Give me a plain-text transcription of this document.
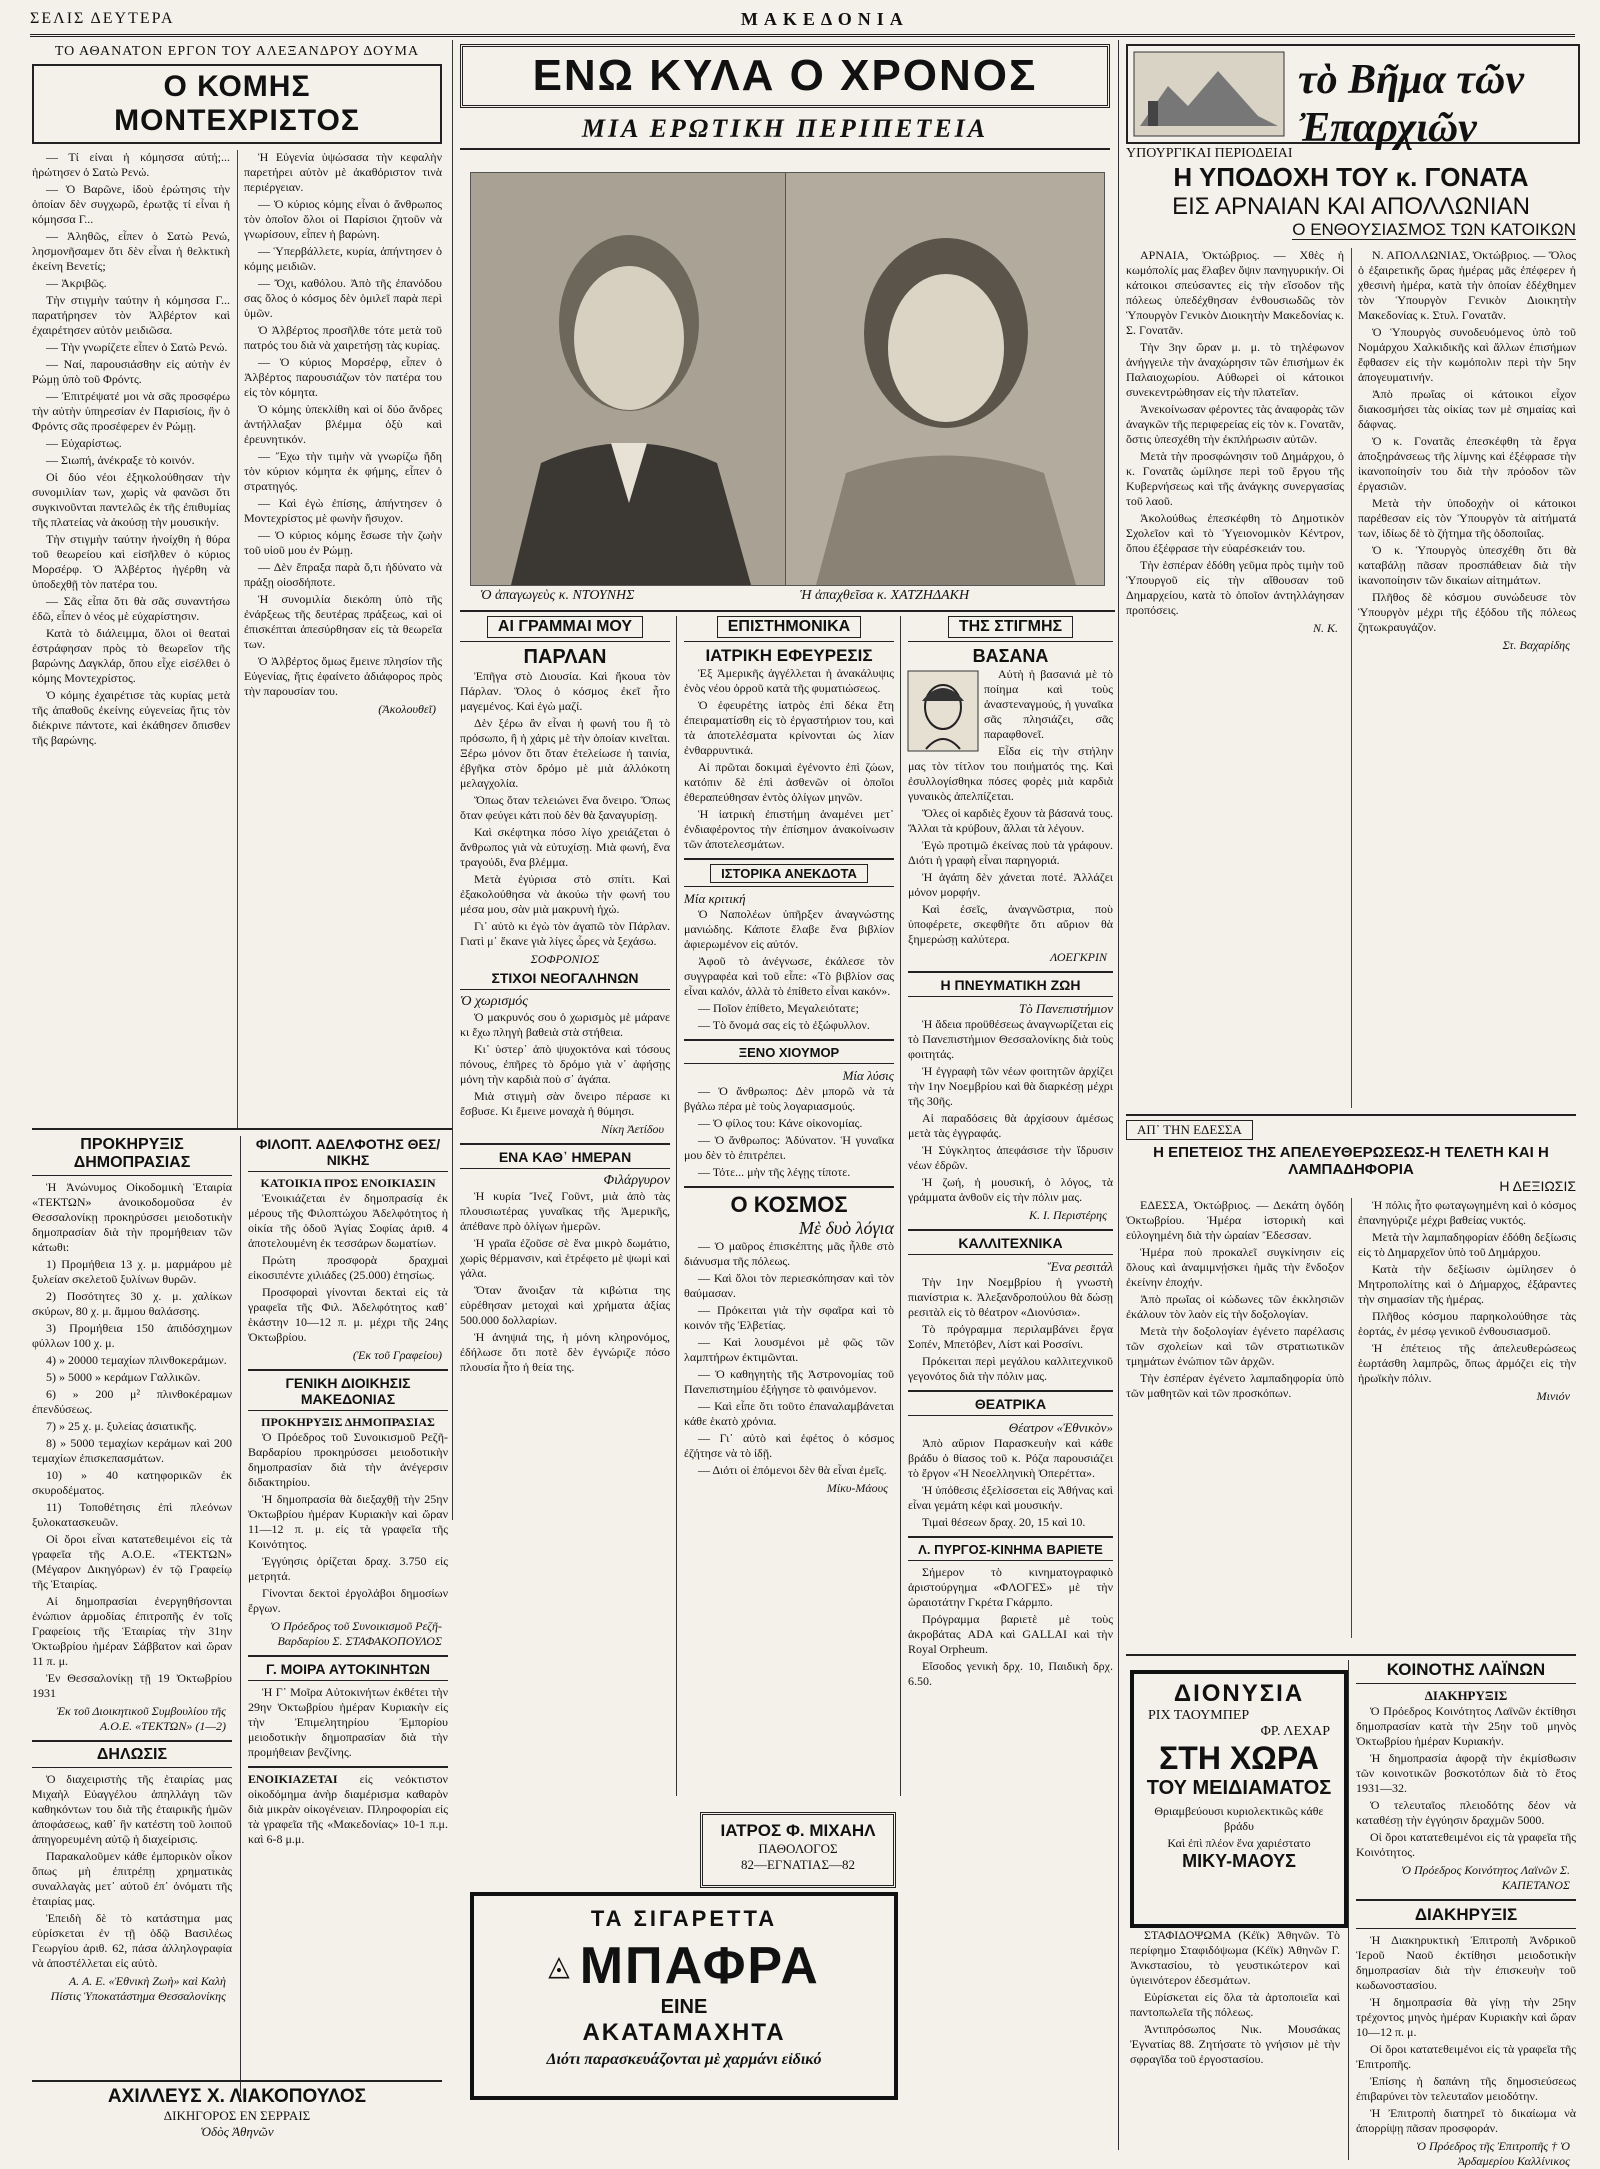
ΣΕΛΙΣ ΔΕΥΤΕΡΑ	ΜΑΚΕΔΟΝΙΑ
ΤΟ ΑΘΑΝΑΤΟΝ ΕΡΓΟΝ ΤΟΥ ΑΛΕΞΑΝΔΡΟΥ ΔΟΥΜΑ
Ο ΚΟΜΗΣ ΜΟΝΤΕΧΡΙΣΤΟΣ

— Τί είναι ἡ κόμησσα αὐτή;... ἠρώτησεν ὁ Σατὼ Ρενώ.

— Ὁ Βαρῶνε, ἰδοὺ ἐρώτησις τὴν ὁποίαν δὲν συγχωρῶ, ἐρωτᾷς τί εἶναι ἡ κόμησσα Γ...

— Ἀληθῶς, εἶπεν ὁ Σατὼ Ρενώ, λησμονῆσαμεν ὅτι δὲν εἶναι ἡ θελκτικὴ ἐκείνη Βενετίς;

— Ἀκριβῶς.

Τὴν στιγμὴν ταύτην ἡ κόμησσα Γ... παρατήρησεν τὸν Ἀλβέρτον καὶ ἐχαιρέτησεν αὐτὸν μειδιῶσα.

— Τὴν γνωρίζετε εἶπεν ὁ Σατὼ Ρενώ.

— Ναί, παρουσιάσθην εἰς αὐτὴν ἐν Ρώμῃ ὑπὸ τοῦ Φρόντς.

— Ἐπιτρέψατέ μοι νὰ σᾶς προσφέρω τὴν αὐτὴν ὑπηρεσίαν ἐν Παρισίοις, ἣν ὁ Φρόντς σᾶς προσέφερεν ἐν Ρώμῃ.

— Εὐχαρίστως.

— Σιωπή, ἀνέκραξε τὸ κοινόν.

Οἱ δύο νέοι ἐξηκολούθησαν τὴν συνομιλίαν των, χωρὶς νὰ φανῶσι ὅτι συγκινοῦνται παντελῶς ἐκ τῆς ἐπιθυμίας τῆς πλατείας νὰ ἀκούσῃ τὴν μουσικήν.

Τὴν στιγμὴν ταύτην ἠνοίχθη ἡ θύρα τοῦ θεωρείου καὶ εἰσῆλθεν ὁ κύριος Μορσέρφ. Ὁ Ἀλβέρτος ἠγέρθη νὰ ὑποδεχθῇ τὸν πατέρα του.

— Σᾶς εἶπα ὅτι θὰ σᾶς συναντήσω ἐδῶ, εἶπεν ὁ νέος μὲ εὐχαρίστησιν.

Κατὰ τὸ διάλειμμα, ὅλοι οἱ θεαταὶ ἐστράφησαν πρὸς τὸ θεωρεῖον τῆς βαρώνης Δαγκλάρ, ὅπου εἶχε εἰσέλθει ὁ κόμης Μοντεχρίστος.

Ὁ κόμης ἐχαιρέτισε τὰς κυρίας μετὰ τῆς ἀπαθοῦς ἐκείνης εὐγενείας ἥτις τὸν διέκρινε πάντοτε, καὶ ἐκάθησεν ὄπισθεν τῆς βαρώνης.

Ἡ Εὐγενία ὑψώσασα τὴν κεφαλὴν παρετήρει αὐτὸν μὲ ἀκαθόριστον τινὰ περιέργειαν.

— Ὁ κύριος κόμης εἶναι ὁ ἄνθρωπος τὸν ὁποῖον ὅλοι οἱ Παρίσιοι ζητοῦν νὰ γνωρίσουν, εἶπεν ἡ βαρώνη.

— Ὑπερβάλλετε, κυρία, ἀπήντησεν ὁ κόμης μειδιῶν.

— Ὄχι, καθόλου. Ἀπὸ τῆς ἐπανόδου σας ὅλος ὁ κόσμος δὲν ὁμιλεῖ παρὰ περὶ ὑμῶν.

Ὁ Ἀλβέρτος προσῆλθε τότε μετὰ τοῦ πατρός του διὰ νὰ χαιρετήσῃ τὰς κυρίας.

— Ὁ κύριος Μορσέρφ, εἶπεν ὁ Ἀλβέρτος παρουσιάζων τὸν πατέρα του εἰς τὸν κόμητα.

Ὁ κόμης ὑπεκλίθη καὶ οἱ δύο ἄνδρες ἀντήλλαξαν βλέμμα ὀξὺ καὶ ἐρευνητικόν.

— Ἔχω τὴν τιμὴν νὰ γνωρίζω ἤδη τὸν κύριον κόμητα ἐκ φήμης, εἶπεν ὁ στρατηγός.

— Καὶ ἐγὼ ἐπίσης, ἀπήντησεν ὁ Μοντεχρίστος μὲ φωνὴν ἥσυχον.

— Ὁ κύριος κόμης ἔσωσε τὴν ζωὴν τοῦ υἱοῦ μου ἐν Ρώμῃ.

— Δὲν ἔπραξα παρὰ ὅ,τι ἠδύνατο νὰ πράξῃ οἱοσδήποτε.

Ἡ συνομιλία διεκόπη ὑπὸ τῆς ἐνάρξεως τῆς δευτέρας πράξεως, καὶ οἱ ἐπισκέπται ἀπεσύρθησαν εἰς τὰ θεωρεῖα των.

Ὁ Ἀλβέρτος ὅμως ἔμεινε πλησίον τῆς Εὐγενίας, ἥτις ἐφαίνετο ἀδιάφορος πρὸς τὴν παρουσίαν του.

(Ἀκολουθεῖ)
ΠΡΟΚΗΡΥΞΙΣ ΔΗΜΟΠΡΑΣΙΑΣ

Ἡ Ἀνώνυμος Οἰκοδομικὴ Ἑταιρία «ΤΕΚΤΩΝ» ἀνοικοδομοῦσα ἐν Θεσσαλονίκῃ προκηρύσσει μειοδοτικὴν δημοπρασίαν διὰ τὴν προμήθειαν τῶν κάτωθι:

1) Προμήθεια 13 χ. μ. μαρμάρου μὲ ξυλείαν σκελετοῦ ξυλίνων θυρῶν.

2) Ποσότητες 30 χ. μ. χαλίκων σκύρων, 80 χ. μ. ἄμμου θαλάσσης.

3) Προμήθεια 150 ἀπιδόσχημων φύλλων 100 χ. μ.

4) » 20000 τεμαχίων πλινθοκεράμων.

5) » 5000 » κεράμων Γαλλικῶν.

6) » 200 μ² πλινθοκέραμων ἐπενδύσεως.

7) » 25 χ. μ. ξυλείας ἀσιατικῆς.

8) » 5000 τεμαχίων κεράμων καὶ 200 τεμαχίων ἐπισκεπασμάτων.

10) » 40 κατηφορικῶν ἐκ σκυροδέματος.

11) Τοποθέτησις ἐπὶ πλεόνων ξυλοκατασκευῶν.

Οἱ ὅροι εἶναι κατατεθειμένοι εἰς τὰ γραφεῖα τῆς Α.Ο.Ε. «ΤΕΚΤΩΝ» (Μέγαρον Δικηγόρων) ἐν τῷ Γραφείῳ τῆς Ἑταιρίας.

Αἱ δημοπρασίαι ἐνεργηθήσονται ἐνώπιον ἀρμοδίας ἐπιτροπῆς ἐν τοῖς Γραφείοις τῆς Ἑταιρίας τὴν 31ην Ὀκτωβρίου ἡμέραν Σάββατον καὶ ὥραν 11 π. μ.

Ἐν Θεσσαλονίκῃ τῇ 19 Ὀκτωβρίου 1931

Ἐκ τοῦ Διοικητικοῦ Συμβουλίου τῆς Α.Ο.Ε. «ΤΕΚΤΩΝ» (1—2)
ΔΗΛΩΣΙΣ

Ὁ διαχειριστὴς τῆς ἑταιρίας μας Μιχαὴλ Εὐαγγέλου ἀπηλλάγη τῶν καθηκόντων του διὰ τῆς ἐταιρικῆς ἡμῶν ἀποφάσεως, καθ᾽ ἣν κατέστη τοῦ λοιποῦ ἀπηγορευμένη αὐτῷ ἡ διαχείρισις.

Παρακαλοῦμεν κάθε ἐμπορικὸν οἶκον ὅπως μὴ ἐπιτρέπῃ χρηματικὰς συναλλαγὰς μετ᾽ αὐτοῦ ἐπ᾽ ὀνόματι τῆς ἑταιρίας μας.

Ἐπειδὴ δὲ τὸ κατάστημα μας εὑρίσκεται ἐν τῇ ὁδῷ Βασιλέως Γεωργίου ἀριθ. 62, πάσα ἀλληλογραφία νὰ ἀποστέλλεται εἰς αὐτὸ.

Α. Α. Ε. «Ἐθνικὴ Ζωὴ» καὶ Καλὴ Πίστις Ὑποκατάστημα Θεσσαλονίκης
ΑΧΙΛΛΕΥΣ Χ. ΛΙΑΚΟΠΟΥΛΟΣ
ΔΙΚΗΓΟΡΟΣ ΕΝ ΣΕΡΡΑΙΣ
Ὁδὸς Ἀθηνῶν
ΦΙΛΟΠΤ. ΑΔΕΛΦΟΤΗΣ ΘΕΣ/ΝΙΚΗΣ
ΚΑΤΟΙΚΙΑ ΠΡΟΣ ΕΝΟΙΚΙΑΣΙΝ

Ἐνοικιάζεται ἐν δημοπρασίᾳ ἐκ μέρους τῆς Φιλοπτώχου Ἀδελφότητος ἡ οἰκία τῆς ὁδοῦ Ἁγίας Σοφίας ἀριθ. 4 ἀποτελουμένη ἐκ τεσσάρων δωματίων.

Πρώτη προσφορὰ δραχμαὶ εἰκοσιπέντε χιλιάδες (25.000) ἐτησίως.

Προσφοραὶ γίνονται δεκταὶ εἰς τὰ γραφεῖα τῆς Φιλ. Ἀδελφότητος καθ᾽ ἑκάστην 10—12 π. μ. μέχρι τῆς 24ης Ὀκτωβρίου.

(Ἐκ τοῦ Γραφείου)
ΓΕΝΙΚΗ ΔΙΟΙΚΗΣΙΣ ΜΑΚΕΔΟΝΙΑΣ
ΠΡΟΚΗΡΥΞΙΣ ΔΗΜΟΠΡΑΣΙΑΣ

Ὁ Πρόεδρος τοῦ Συνοικισμοῦ Ρεζῆ-Βαρδαρίου προκηρύσσει μειοδοτικὴν δημοπρασίαν διὰ τὴν ἀνέγερσιν διδακτηρίου.

Ἡ δημοπρασία θὰ διεξαχθῇ τὴν 25ην Ὀκτωβρίου ἡμέραν Κυριακὴν καὶ ὥραν 11—12 π. μ. εἰς τὰ γραφεῖα τῆς Κοινότητος.

Ἐγγύησις ὁρίζεται δραχ. 3.750 εἰς μετρητά.

Γίνονται δεκτοὶ ἐργολάβοι δημοσίων ἔργων.

Ὁ Πρόεδρος τοῦ Συνοικισμοῦ Ρεζῆ-Βαρδαρίου Σ. ΣΤΑΦΑΚΟΠΟΥΛΟΣ
Γ. ΜΟΙΡΑ ΑΥΤΟΚΙΝΗΤΩΝ

Ἡ Γ᾽ Μοῖρα Αὐτοκινήτων ἐκθέτει τὴν 29ην Ὀκτωβρίου ἡμέραν Κυριακὴν εἰς τὴν Ἐπιμελητηρίου Ἐμπορίου μειοδοτικὴν δημοπρασίαν διὰ τὴν προμήθειαν βενζίνης.

ΕΝΟΙΚΙΑΖΕΤΑΙ εἰς νεόκτιστον οἰκοδόμημα ἀνὴρ διαμέρισμα καθαρὸν διὰ μικρὰν οἰκογένειαν. Πληροφορίαι εἰς τὰ γραφεῖα τῆς «Μακεδονίας» 10-1 π.μ. καὶ 6-8 μ.μ.
ΕΝΩ ΚΥΛΑ Ο ΧΡΟΝΟΣ
ΜΙΑ ΕΡΩΤΙΚΗ ΠΕΡΙΠΕΤΕΙΑ
Ὁ ἀπαγωγεὺς κ. ΝΤΟΥΝΗΣ	Ἡ ἀπαχθεῖσα κ. ΧΑΤΖΗΔΑΚΗ
ΑΙ ΓΡΑΜΜΑΙ ΜΟΥ
ΠΑΡΛΑΝ

Ἐπῆγα στὸ Διουσία. Καὶ ἤκουα τὸν Πάρλαν. Ὅλος ὁ κόσμος ἐκεῖ ἦτο μαγεμένος. Καὶ ἐγὼ μαζί.

Δὲν ξέρω ἂν εἶναι ἡ φωνή του ἢ τὸ πρόσωπο, ἢ ἡ χάρις μὲ τὴν ὁποίαν κινεῖται. Ξέρω μόνον ὅτι ὅταν ἐτελείωσε ἡ ταινία, ἐβγῆκα στὸν δρόμο μὲ μιὰ ἀλλόκοτη μελαγχολία.

Ὅπως ὅταν τελειώνει ἕνα ὄνειρο. Ὅπως ὅταν φεύγει κάτι ποὺ δὲν θὰ ξαναγυρίσῃ.

Καὶ σκέφτηκα πόσο λίγο χρειάζεται ὁ ἄνθρωπος γιὰ νὰ εὐτυχίσῃ. Μιὰ φωνή, ἕνα τραγούδι, ἕνα βλέμμα.

Μετὰ ἐγύρισα στὸ σπίτι. Καὶ ἐξακολούθησα νὰ ἀκούω τὴν φωνή του μέσα μου, σὰν μιὰ μακρυνὴ ἠχώ.

Γι᾽ αὐτὸ κι ἐγὼ τὸν ἀγαπῶ τὸν Πάρλαν. Γιατὶ μ᾽ ἔκανε γιὰ λίγες ὧρες νὰ ξεχάσω.

ΣΟΦΡΟΝΙΟΣ
ΣΤΙΧΟΙ ΝΕΟΓΑΛΗΝΩΝ
Ὁ χωρισμός

Ὁ μακρυνός σου ὁ χωρισμὸς μὲ μάρανε κι ἔχω πληγὴ βαθειὰ στὰ στήθεια.

Κι᾽ ὑστερ᾽ ἀπὸ ψυχοκτόνα καὶ τόσους πόνους, ἐπῆρες τὸ δρόμο γιὰ ν᾽ ἀφήσῃς μόνη τὴν καρδιὰ ποὺ σ᾽ ἀγάπα.

Μιὰ στιγμὴ σὰν ὄνειρο πέρασε κι ἔσβυσε. Κι ἔμεινε μοναχὰ ἡ θύμησι.

Νίκη Ἀετίδου
ΕΝΑ ΚΑΘ᾽ ΗΜΕΡΑΝ
Φιλάργυρον

Ἡ κυρία Ἴνεζ Γοῦντ, μιὰ ἀπὸ τὰς πλουσιωτέρας γυναῖκας τῆς Ἀμερικῆς, ἀπέθανε πρὸ ὀλίγων ἡμερῶν.

Ἡ γραῖα ἐζοῦσε σὲ ἕνα μικρὸ δωμάτιο, χωρὶς θέρμανσιν, καὶ ἐτρέφετο μὲ ψωμὶ καὶ γάλα.

Ὅταν ἄνοιξαν τὰ κιβώτια της εὑρέθησαν μετοχαὶ καὶ χρήματα ἀξίας 500.000 δολλαρίων.

Ἡ ἀνηψιά της, ἡ μόνη κληρονόμος, ἐδήλωσε ὅτι ποτὲ δὲν ἐγνώριζε πόσο πλουσία ἦτο ἡ θεία της.

ΕΠΙΣΤΗΜΟΝΙΚΑ
ΙΑΤΡΙΚΗ ΕΦΕΥΡΕΣΙΣ

Ἐξ Ἀμερικῆς ἀγγέλλεται ἡ ἀνακάλυψις ἑνὸς νέου ὀρροῦ κατὰ τῆς φυματιώσεως.

Ὁ ἐφευρέτης ἰατρὸς ἐπὶ δέκα ἔτη ἐπειραματίσθη εἰς τὸ ἐργαστήριον του, καὶ τὰ ἀποτελέσματα κρίνονται ὡς λίαν ἐνθαρρυντικά.

Αἱ πρῶται δοκιμαὶ ἐγένοντο ἐπὶ ζώων, κατόπιν δὲ ἐπὶ ἀσθενῶν οἱ ὁποῖοι ἐθεραπεύθησαν ἐντὸς ὀλίγων μηνῶν.

Ἡ ἰατρικὴ ἐπιστήμη ἀναμένει μετ᾽ ἐνδιαφέροντος τὴν ἐπίσημον ἀνακοίνωσιν τῶν ἀποτελεσμάτων.

ΙΣΤΟΡΙΚΑ ΑΝΕΚΔΟΤΑ
Μία κριτική

Ὁ Ναπολέων ὑπῆρξεν ἀναγνώστης μανιώδης. Κάποτε ἔλαβε ἕνα βιβλίον ἀφιερωμένον εἰς αὐτόν.

Ἀφοῦ τὸ ἀνέγνωσε, ἐκάλεσε τὸν συγγραφέα καὶ τοῦ εἶπε: «Τὸ βιβλίον σας εἶναι καλόν, ἀλλὰ τὸ ἐπίθετο εἶναι κακόν».

— Ποῖον ἐπίθετο, Μεγαλειότατε;

— Τὸ ὄνομά σας εἰς τὸ ἐξώφυλλον.

ΞΕΝΟ ΧΙΟΥΜΟΡ
Μία λύσις

— Ὁ ἄνθρωπος: Δὲν μπορῶ νὰ τὰ βγάλω πέρα μὲ τοὺς λογαριασμούς.

— Ὁ φίλος του: Κάνε οἰκονομίας.

— Ὁ ἄνθρωπος: Ἀδύνατον. Ἡ γυναῖκα μου δὲν τὸ ἐπιτρέπει.

— Τότε... μὴν τῆς λέγῃς τίποτε.

Ο ΚΟΣΜΟΣ
Μὲ δυὸ λόγια

— Ὁ μαῦρος ἐπισκέπτης μᾶς ἦλθε στὸ διάνυσμα τῆς πόλεως.

— Καὶ ὅλοι τὸν περιεσκόπησαν καὶ τὸν θαύμασαν.

— Πρόκειται γιὰ τὴν σφαῖρα καὶ τὸ κοινόν τῆς Ἑλβετίας.

— Καὶ λουσμένοι μὲ φῶς τῶν λαμπτήρων ἐκτιμῶνται.

— Ὁ καθηγητὴς τῆς Ἀστρονομίας τοῦ Πανεπιστημίου ἐξήγησε τὸ φαινόμενον.

— Καὶ εἶπε ὅτι τοῦτο ἐπαναλαμβάνεται κάθε ἑκατὸ χρόνια.

— Γι᾽ αὐτὸ καὶ ἐφέτος ὁ κόσμος ἐζήτησε νὰ τὸ ἰδῇ.

— Διότι οἱ ἑπόμενοι δὲν θὰ εἶναι ἐμεῖς.

Μίκυ-Μάους
ΤΗΣ ΣΤΙΓΜΗΣ
ΒΑΣΑΝΑ

Αὐτὴ ἡ βασανιά μὲ τὸ ποίημα καὶ τοὺς ἀναστεναγμούς, ἡ γυναῖκα σᾶς πλησιάζει, σᾶς παραφθονεῖ.

Εἶδα εἰς τὴν στήλην μας τὸν τίτλον του ποιήματός της. Καὶ ἐσυλλογίσθηκα πόσες φορὲς μιὰ καρδιὰ γυναικὸς ἀπελπίζεται.

Ὅλες οἱ καρδιὲς ἔχουν τὰ βάσανά τους. Ἄλλαι τὰ κρύβουν, ἄλλαι τὰ λέγουν.

Ἐγὼ προτιμῶ ἐκείνας ποὺ τὰ γράφουν. Διότι ἡ γραφὴ εἶναι παρηγοριά.

Ἡ ἀγάπη δὲν χάνεται ποτέ. Ἀλλάζει μόνον μορφήν.

Καὶ ἐσεῖς, ἀναγνῶστρια, ποὺ ὑποφέρετε, σκεφθῆτε ὅτι αὔριον θὰ ξημερώσῃ καλύτερα.

ΛΟΕΓΚΡΙΝ
Η ΠΝΕΥΜΑΤΙΚΗ ΖΩΗ
Τὸ Πανεπιστήμιον

Ἡ ἄδεια προϋθέσεως ἀναγνωρίζεται εἰς τὸ Πανεπιστήμιον Θεσσαλονίκης διὰ τοὺς φοιτητάς.

Ἡ ἐγγραφὴ τῶν νέων φοιτητῶν ἀρχίζει τὴν 1ην Νοεμβρίου καὶ θὰ διαρκέσῃ μέχρι τῆς 30ῆς.

Αἱ παραδόσεις θὰ ἀρχίσουν ἀμέσως μετὰ τὰς ἐγγραφάς.

Ἡ Σύγκλητος ἀπεφάσισε τὴν ἵδρυσιν νέων ἐδρῶν.

Ἡ ζωή, ἡ μουσική, ὁ λόγος, τὰ γράμματα ἀνθοῦν εἰς τὴν πόλιν μας.

Κ. Ι. Περιστέρης
ΚΑΛΛΙΤΕΧΝΙΚΑ
Ἕνα ρεσιτάλ

Τὴν 1ην Νοεμβρίου ἡ γνωστὴ πιανίστρια κ. Ἀλεξανδροπούλου θὰ δώσῃ ρεσιτὰλ εἰς τὸ θέατρον «Διονύσια».

Τὸ πρόγραμμα περιλαμβάνει ἔργα Σοπέν, Μπετόβεν, Λίστ καὶ Ροσσίνι.

Πρόκειται περὶ μεγάλου καλλιτεχνικοῦ γεγονότος διὰ τὴν πόλιν μας.

ΘΕΑΤΡΙΚΑ
Θέατρον «Ἐθνικὸν»

Ἀπὸ αὔριον Παρασκευὴν καὶ κάθε βράδυ ὁ θίασος τοῦ κ. Ρόζα παρουσιάζει τὸ ἔργον «Ἡ Νεοελληνικὴ Ὀπερέττα».

Ἡ ὑπόθεσις ἐξελίσσεται εἰς Ἀθήνας καὶ εἶναι γεμάτη κέφι καὶ μουσικήν.

Τιμαὶ θέσεων δραχ. 20, 15 καὶ 10.

Λ. ΠΥΡΓΟΣ-ΚΙΝΗΜΑ ΒΑΡΙΕΤΕ

Σήμερον τὸ κινηματογραφικὸ ἀριστούργημα «ΦΛΟΓΕΣ» μὲ τὴν ὡραιοτάτην Γκρέτα Γκάρμπο.

Πρόγραμμα βαριετὲ μὲ τοὺς ἀκροβάτας ADA καὶ GALLAI καὶ τὴν Royal Orpheum.

Εἴσοδος γενικὴ δρχ. 10, Παιδικὴ δρχ. 6.50.

ΙΑΤΡΟΣ Φ. ΜΙΧΑΗΛ
ΠΑΘΟΛΟΓΟΣ
82—ΕΓΝΑΤΙΑΣ—82
ΤΑ ΣΙΓΑΡΕΤΤΑ
◬ ΜΠΑΦΡΑ
ΕΙΝΕ
ΑΚΑΤΑΜΑΧΗΤΑ
Διότι παρασκευάζονται μὲ χαρμάνι εἰδικό
τὸ Βῆμα τῶν Ἐπαρχιῶν
ΥΠΟΥΡΓΙΚΑΙ ΠΕΡΙΟΔΕΙΑΙ
Η ΥΠΟΔΟΧΗ ΤΟΥ κ. ΓΟΝΑΤΑ
ΕΙΣ ΑΡΝΑΙΑΝ ΚΑΙ ΑΠΟΛΛΩΝΙΑΝ
Ο ΕΝΘΟΥΣΙΑΣΜΟΣ ΤΩΝ ΚΑΤΟΙΚΩΝ

ΑΡΝΑΙΑ, Ὀκτώβριος. — Χθὲς ἡ κωμόπολίς μας ἔλαβεν ὄψιν πανηγυρικήν. Οἱ κάτοικοι σπεύσαντες εἰς τὴν εἴσοδον τῆς πόλεως ὑπεδέχθησαν ἐνθουσιωδῶς τὸν Ὑπουργὸν Γενικὸν Διοικητὴν Μακεδονίας κ. Σ. Γονατᾶν.

Τὴν 3ην ὥραν μ. μ. τὸ τηλέφωνον ἀνήγγειλε τὴν ἀναχώρησιν τῶν ἐπισήμων ἐκ Παλαιοχωρίου. Αὐθωρεὶ οἱ κάτοικοι συνεκεντρώθησαν εἰς τὴν πλατεῖαν.

Ἀνεκοίνωσαν φέροντες τὰς ἀναφορὰς τῶν ἀναγκῶν τῆς περιφερείας εἰς τὸν κ. Γονατᾶν, ὅστις ὑπεσχέθη τὴν ἐκπλήρωσιν αὐτῶν.

Μετὰ τὴν προσφώνησιν τοῦ Δημάρχου, ὁ κ. Γονατᾶς ὡμίλησε περὶ τοῦ ἔργου τῆς Κυβερνήσεως καὶ τῆς ἀνάγκης συνεργασίας τοῦ λαοῦ.

Ἀκολούθως ἐπεσκέφθη τὸ Δημοτικὸν Σχολεῖον καὶ τὸ Ὑγειονομικὸν Κέντρον, ὅπου ἐξέφρασε τὴν εὐαρέσκειάν του.

Τὴν ἑσπέραν ἐδόθη γεῦμα πρὸς τιμὴν τοῦ Ὑπουργοῦ εἰς τὴν αἴθουσαν τοῦ Δημαρχείου, κατὰ τὸ ὁποῖον ἀντηλλάγησαν προπόσεις.

Ν. Κ.

Ν. ΑΠΟΛΛΩΝΙΑΣ, Ὀκτώβριος. — Ὅλος ὁ ἐξαιρετικῆς ὥρας ἡμέρας μᾶς ἐπέφερεν ἡ χθεσινὴ ἡμέρα, κατὰ τὴν ὁποίαν ἐδέχθημεν τὸν Ὑπουργὸν Γενικὸν Διοικητὴν Μακεδονίας κ. Στυλ. Γονατᾶν.

Ὁ Ὑπουργὸς συνοδευόμενος ὑπὸ τοῦ Νομάρχου Χαλκιδικῆς καὶ ἄλλων ἐπισήμων ἔφθασεν εἰς τὴν κωμόπολιν περὶ τὴν 5ην ἀπογευματινήν.

Ἀπὸ πρωΐας οἱ κάτοικοι εἶχον διακοσμήσει τὰς οἰκίας των μὲ σημαίας καὶ δάφνας.

Ὁ κ. Γονατᾶς ἐπεσκέφθη τὰ ἔργα ἀποξηράνσεως τῆς λίμνης καὶ ἐξέφρασε τὴν ἱκανοποίησίν του διὰ τὴν πρόοδον τῶν ἐργασιῶν.

Μετὰ τὴν ὑποδοχὴν οἱ κάτοικοι παρέθεσαν εἰς τὸν Ὑπουργὸν τὰ αἰτήματά των, ἰδίως δὲ τὸ ζήτημα τῆς ὁδοποιΐας.

Ὁ κ. Ὑπουργὸς ὑπεσχέθη ὅτι θὰ καταβάλῃ πᾶσαν προσπάθειαν διὰ τὴν ἱκανοποίησιν τῶν δικαίων αἰτημάτων.

Πλῆθος δὲ κόσμου συνώδευσε τὸν Ὑπουργὸν μέχρι τῆς ἐξόδου τῆς πόλεως ζητωκραυγάζον.

Στ. Βαχαρίδης
ΑΠ᾽ ΤΗΝ ΕΔΕΣΣΑ
Η ΕΠΕΤΕΙΟΣ ΤΗΣ ΑΠΕΛΕΥΘΕΡΩΣΕΩΣ-Η ΤΕΛΕΤΗ ΚΑΙ Η ΛΑΜΠΑΔΗΦΟΡΙΑ
Η ΔΕΞΙΩΣΙΣ

ΕΔΕΣΣΑ, Ὀκτώβριος. — Δεκάτη ὀγδόη Ὀκτωβρίου. Ἡμέρα ἱστορικὴ καὶ εὐλογημένη διὰ τὴν ὡραίαν Ἔδεσσαν.

Ἡμέρα ποὺ προκαλεῖ συγκίνησιν εἰς ὅλους καὶ ἀναμιμνῄσκει ἡμᾶς τὴν ἔνδοξον ἐκείνην ἐποχήν.

Ἀπὸ πρωΐας οἱ κώδωνες τῶν ἐκκλησιῶν ἐκάλουν τὸν λαὸν εἰς τὴν δοξολογίαν.

Μετὰ τὴν δοξολογίαν ἐγένετο παρέλασις τῶν σχολείων καὶ τῶν στρατιωτικῶν τμημάτων ἐνώπιον τῶν ἀρχῶν.

Τὴν ἑσπέραν ἐγένετο λαμπαδηφορία ὑπὸ τῶν μαθητῶν καὶ τῶν προσκόπων.

Ἡ πόλις ἦτο φωταγωγημένη καὶ ὁ κόσμος ἐπανηγύριζε μέχρι βαθείας νυκτός.

Μετὰ τὴν λαμπαδηφορίαν ἐδόθη δεξίωσις εἰς τὸ Δημαρχεῖον ὑπὸ τοῦ Δημάρχου.

Κατὰ τὴν δεξίωσιν ὡμίλησεν ὁ Μητροπολίτης καὶ ὁ Δήμαρχος, ἐξάραντες τὴν σημασίαν τῆς ἡμέρας.

Πλῆθος κόσμου παρηκολούθησε τὰς ἑορτάς, ἐν μέσῳ γενικοῦ ἐνθουσιασμοῦ.

Ἡ ἐπέτειος τῆς ἀπελευθερώσεως ἑωρτάσθη λαμπρῶς, ὅπως ἁρμόζει εἰς τὴν ἡρωϊκὴν πόλιν.

Μινιόν
ΔΙΟΝΥΣΙΑ
ΡΙΧ ΤΑΟΥΜΠΕΡ
ΦΡ. ΛΕΧΑΡ
ΣΤΗ ΧΩΡΑ
ΤΟΥ ΜΕΙΔΙΑΜΑΤΟΣ
Θριαμβεύουσι κυριολεκτικῶς κάθε βράδυ
Καὶ ἐπὶ πλέον ἕνα χαριέστατο
ΜΙΚΥ-ΜΑΟΥΣ

ΣΤΑΦΙΔΟΨΩΜΑ (Κέϊκ) Ἀθηνῶν. Τὸ περίφημο Σταφιδόψωμα (Κέϊκ) Ἀθηνῶν Γ. Ἀνκστασίου, τὸ γευστικώτερον καὶ ὑγιεινότερον ἐδεσμάτων.

Εὑρίσκεται εἰς ὅλα τὰ ἀρτοποιεῖα καὶ παντοπωλεῖα τῆς πόλεως.

Ἀντιπρόσωπος Νικ. Μουσάκας Ἐγνατίας 88. Ζητήσατε τὸ γνήσιον μὲ τὴν σφραγῖδα τοῦ ἐργοστασίου.

ΚΟΙΝΟΤΗΣ ΛΑΪΝΩΝ
ΔΙΑΚΗΡΥΞΙΣ

Ὁ Πρόεδρος Κοινότητος Λαϊνῶν ἐκτίθησι δημοπρασίαν κατὰ τὴν 25ην τοῦ μηνὸς Ὀκτωβρίου ἡμέραν Κυριακήν.

Ἡ δημοπρασία ἀφορᾷ τὴν ἐκμίσθωσιν τῶν κοινοτικῶν βοσκοτόπων διὰ τὸ ἔτος 1931—32.

Ὁ τελευταῖος πλειοδότης δέον νὰ καταθέσῃ τὴν ἐγγύησιν δραχμῶν 5000.

Οἱ ὅροι κατατεθειμένοι εἰς τὰ γραφεῖα τῆς Κοινότητος.

Ὁ Πρόεδρος Κοινότητος Λαϊνῶν Σ. ΚΑΠΕΤΑΝΟΣ
ΔΙΑΚΗΡΥΞΙΣ

Ἡ Διακηρυκτικὴ Ἐπιτροπὴ Ἀνδρικοῦ Ἱεροῦ Ναοῦ ἐκτίθησι μειοδοτικὴν δημοπρασίαν διὰ τὴν ἐπισκευὴν τοῦ κωδωνοστασίου.

Ἡ δημοπρασία θὰ γίνῃ τὴν 25ην τρέχοντος μηνὸς ἡμέραν Κυριακὴν καὶ ὥραν 10—12 π. μ.

Οἱ ὅροι κατατεθειμένοι εἰς τὰ γραφεῖα τῆς Ἐπιτροπῆς.

Ἐπίσης ἡ δαπάνη τῆς δημοσιεύσεως ἐπιβαρύνει τὸν τελευταῖον μειοδότην.

Ἡ Ἐπιτροπὴ διατηρεῖ τὸ δικαίωμα νὰ ἀπορρίψῃ πᾶσαν προσφοράν.

Ὁ Πρόεδρος τῆς Ἐπιτροπῆς † Ὁ Ἀρδαμερίου Καλλίνικος
